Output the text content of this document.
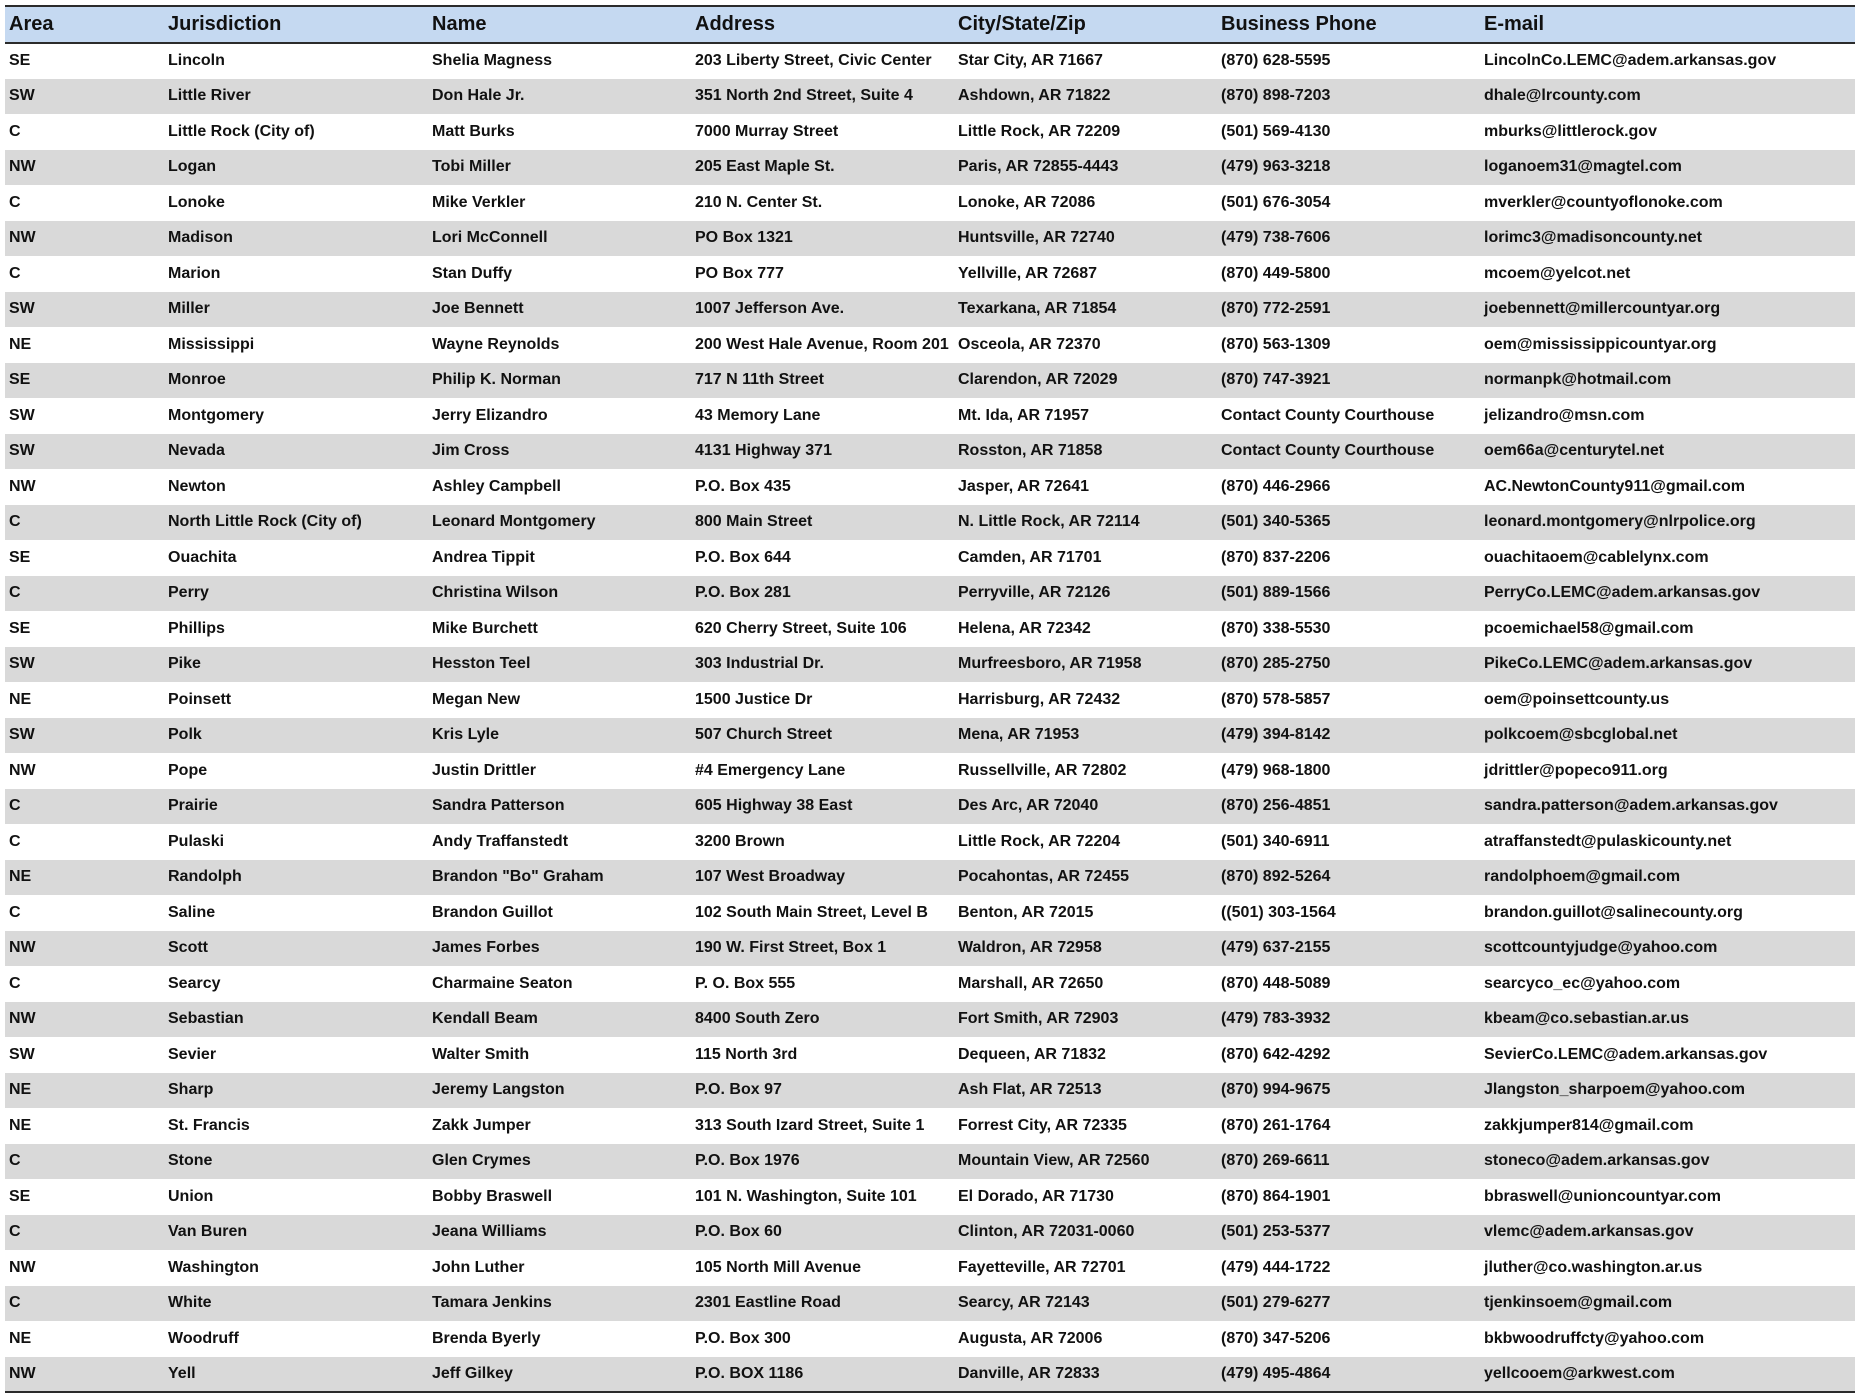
Area	Jurisdiction	Name	Address	City/State/Zip	Business Phone	E-mail
SE	Lincoln	Shelia Magness	203 Liberty Street, Civic Center	Star City, AR 71667	(870) 628-5595	LincolnCo.LEMC@adem.arkansas.gov
SW	Little River	Don Hale Jr.	351 North 2nd Street, Suite 4	Ashdown, AR 71822	(870) 898-7203	dhale@lrcounty.com
C	Little Rock (City of)	Matt Burks	7000 Murray Street	Little Rock, AR 72209	(501) 569-4130	mburks@littlerock.gov
NW	Logan	Tobi Miller	205 East Maple St.	Paris, AR 72855-4443	(479) 963-3218	loganoem31@magtel.com
C	Lonoke	Mike Verkler	210 N. Center St.	Lonoke, AR 72086	(501) 676-3054	mverkler@countyoflonoke.com
NW	Madison	Lori McConnell	PO Box 1321	Huntsville, AR 72740	(479) 738-7606	lorimc3@madisoncounty.net
C	Marion	Stan Duffy	PO Box 777	Yellville, AR 72687	(870) 449-5800	mcoem@yelcot.net
SW	Miller	Joe Bennett	1007 Jefferson Ave.	Texarkana, AR 71854	(870) 772-2591	joebennett@millercountyar.org
NE	Mississippi	Wayne Reynolds	200 West Hale Avenue, Room 201	Osceola, AR 72370	(870) 563-1309	oem@mississippicountyar.org
SE	Monroe	Philip K. Norman	717 N 11th Street	Clarendon, AR 72029	(870) 747-3921	normanpk@hotmail.com
SW	Montgomery	Jerry Elizandro	43 Memory Lane	Mt. Ida, AR 71957	Contact County Courthouse	jelizandro@msn.com
SW	Nevada	Jim Cross	4131 Highway 371	Rosston, AR 71858	Contact County Courthouse	oem66a@centurytel.net
NW	Newton	Ashley Campbell	P.O. Box 435	Jasper, AR 72641	(870) 446-2966	AC.NewtonCounty911@gmail.com
C	North Little Rock (City of)	Leonard Montgomery	800 Main Street	N. Little Rock, AR 72114	(501) 340-5365	leonard.montgomery@nlrpolice.org
SE	Ouachita	Andrea Tippit	P.O. Box 644	Camden, AR 71701	(870) 837-2206	ouachitaoem@cablelynx.com
C	Perry	Christina Wilson	P.O. Box 281	Perryville, AR 72126	(501) 889-1566	PerryCo.LEMC@adem.arkansas.gov
SE	Phillips	Mike Burchett	620 Cherry Street, Suite 106	Helena, AR 72342	(870) 338-5530	pcoemichael58@gmail.com
SW	Pike	Hesston Teel	303 Industrial Dr.	Murfreesboro, AR 71958	(870) 285-2750	PikeCo.LEMC@adem.arkansas.gov
NE	Poinsett	Megan New	1500 Justice Dr	Harrisburg, AR 72432	(870) 578-5857	oem@poinsettcounty.us
SW	Polk	Kris Lyle	507 Church Street	Mena, AR 71953	(479) 394-8142	polkcoem@sbcglobal.net
NW	Pope	Justin Drittler	#4 Emergency Lane	Russellville, AR 72802	(479) 968-1800	jdrittler@popeco911.org
C	Prairie	Sandra Patterson	605 Highway 38 East	Des Arc, AR 72040	(870) 256-4851	sandra.patterson@adem.arkansas.gov
C	Pulaski	Andy Traffanstedt	3200 Brown	Little Rock, AR 72204	(501) 340-6911	atraffanstedt@pulaskicounty.net
NE	Randolph	Brandon "Bo" Graham	107 West Broadway	Pocahontas, AR 72455	(870) 892-5264	randolphoem@gmail.com
C	Saline	Brandon Guillot	102 South Main Street, Level B	Benton, AR 72015	((501) 303-1564	brandon.guillot@salinecounty.org
NW	Scott	James Forbes	190 W. First Street, Box 1	Waldron, AR 72958	(479) 637-2155	scottcountyjudge@yahoo.com
C	Searcy	Charmaine Seaton	P. O. Box 555	Marshall, AR 72650	(870) 448-5089	searcyco_ec@yahoo.com
NW	Sebastian	Kendall Beam	8400 South Zero	Fort Smith, AR 72903	(479) 783-3932	kbeam@co.sebastian.ar.us
SW	Sevier	Walter Smith	115 North 3rd	Dequeen, AR 71832	(870) 642-4292	SevierCo.LEMC@adem.arkansas.gov
NE	Sharp	Jeremy Langston	P.O. Box 97	Ash Flat, AR 72513	(870) 994-9675	Jlangston_sharpoem@yahoo.com
NE	St. Francis	Zakk Jumper	313 South Izard Street, Suite 1	Forrest City, AR 72335	(870) 261-1764	zakkjumper814@gmail.com
C	Stone	Glen Crymes	P.O. Box 1976	Mountain View, AR 72560	(870) 269-6611	stoneco@adem.arkansas.gov
SE	Union	Bobby Braswell	101 N. Washington, Suite 101	El Dorado, AR 71730	(870) 864-1901	bbraswell@unioncountyar.com
C	Van Buren	Jeana Williams	P.O. Box 60	Clinton, AR 72031-0060	(501) 253-5377	vlemc@adem.arkansas.gov
NW	Washington	John Luther	105 North Mill Avenue	Fayetteville, AR 72701	(479) 444-1722	jluther@co.washington.ar.us
C	White	Tamara Jenkins	2301 Eastline Road	Searcy, AR 72143	(501) 279-6277	tjenkinsoem@gmail.com
NE	Woodruff	Brenda Byerly	P.O. Box 300	Augusta, AR 72006	(870) 347-5206	bkbwoodruffcty@yahoo.com
NW	Yell	Jeff Gilkey	P.O. BOX 1186	Danville, AR 72833	(479) 495-4864	yellcooem@arkwest.com
